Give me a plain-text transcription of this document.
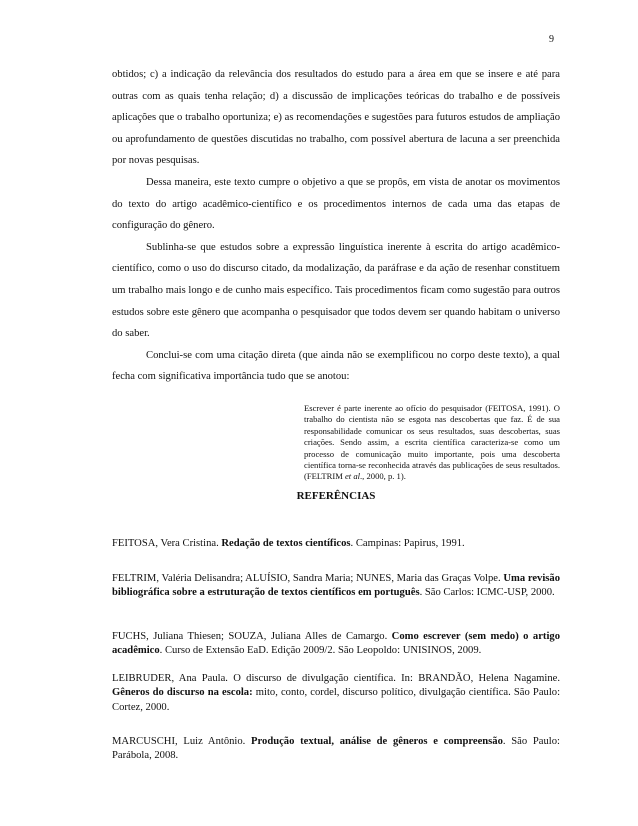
9

obtidos; c) a indicação da relevância dos resultados do estudo para a área em que se insere e até para outras com as quais tenha relação; d) a discussão de implicações teóricas do trabalho e de possíveis aplicações que o trabalho oportuniza; e) as recomendações e sugestões para futuros estudos de ampliação ou aprofundamento de questões discutidas no trabalho, com possível abertura de lacuna a ser preenchida por novas pesquisas.

Dessa maneira, este texto cumpre o objetivo a que se propôs, em vista de anotar os movimentos do texto do artigo acadêmico-científico e os procedimentos internos de cada uma das etapas de configuração do gênero.

Sublinha-se que estudos sobre a expressão linguística inerente à escrita do artigo acadêmico-científico, como o uso do discurso citado, da modalização, da paráfrase e da ação de resenhar constituem um trabalho mais longo e de cunho mais específico. Tais procedimentos ficam como sugestão para outros estudos sobre este gênero que acompanha o pesquisador que todos devem ser quando habitam o universo do saber.

Conclui-se com uma citação direta (que ainda não se exemplificou no corpo deste texto), a qual fecha com significativa importância tudo que se anotou:

Escrever é parte inerente ao ofício do pesquisador (FEITOSA, 1991). O trabalho do cientista não se esgota nas descobertas que faz. É de sua responsabilidade comunicar os seus resultados, suas descobertas, suas criações. Sendo assim, a escrita científica caracteriza-se como um processo de comunicação muito importante, pois uma descoberta científica torna-se reconhecida através das publicações de seus resultados. (FELTRIM et al., 2000, p. 1).

REFERÊNCIAS

FEITOSA, Vera Cristina. Redação de textos científicos. Campinas: Papirus, 1991.

FELTRIM, Valéria Delisandra; ALUÍSIO, Sandra Maria; NUNES, Maria das Graças Volpe. Uma revisão bibliográfica sobre a estruturação de textos científicos em português. São Carlos: ICMC-USP, 2000.

FUCHS, Juliana Thiesen; SOUZA, Juliana Alles de Camargo. Como escrever (sem medo) o artigo acadêmico. Curso de Extensão EaD. Edição 2009/2. São Leopoldo: UNISINOS, 2009.

LEIBRUDER, Ana Paula. O discurso de divulgação científica. In: BRANDÃO, Helena Nagamine. Gêneros do discurso na escola: mito, conto, cordel, discurso político, divulgação científica. São Paulo: Cortez, 2000.

MARCUSCHI, Luiz Antônio. Produção textual, análise de gêneros e compreensão. São Paulo: Parábola, 2008.
